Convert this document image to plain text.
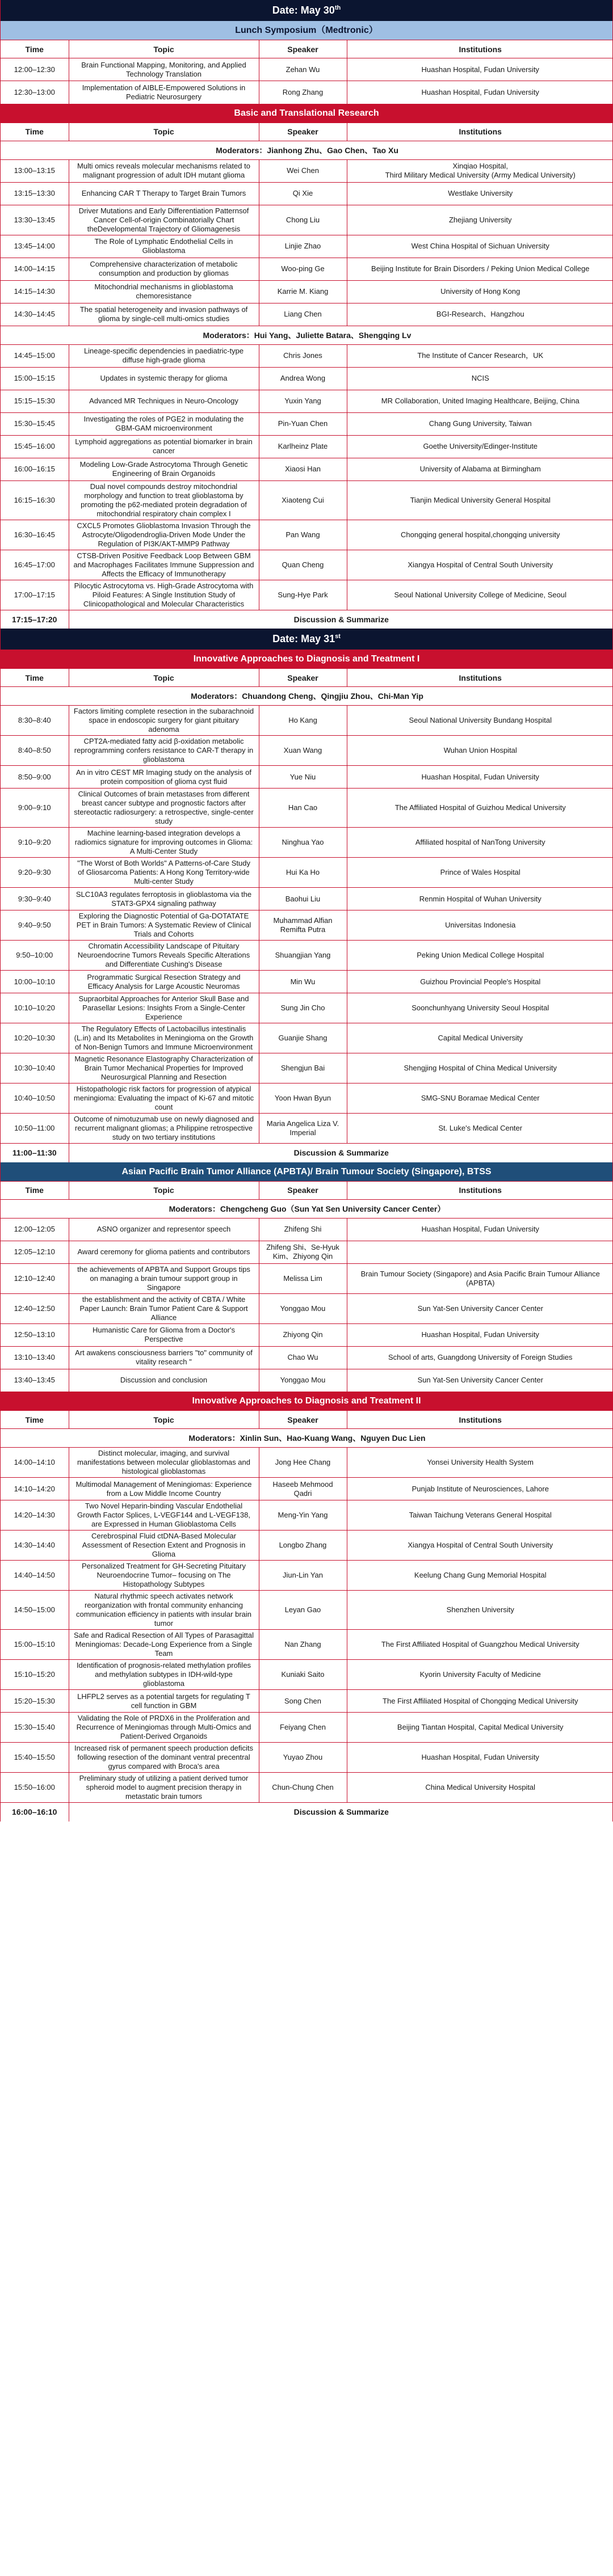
Date: May 30th
Lunch Symposium（Medtronic）
Time	Topic	Speaker	Institutions
12:00–12:30	Brain Functional Mapping, Monitoring, and Applied Technology Translation	Zehan Wu	Huashan Hospital, Fudan University
12:30–13:00	Implementation of AIBLE-Empowered Solutions in Pediatric Neurosurgery	Rong Zhang	Huashan Hospital, Fudan University
Basic and Translational Research
Time	Topic	Speaker	Institutions
Moderators：Jianhong Zhu、Gao Chen、Tao Xu			
13:00–13:15	Multi omics reveals molecular mechanisms related to malignant progression of adult IDH mutant glioma	Wei Chen	Xinqiao Hospital,
Third Military Medical University (Army Medical University)
13:15–13:30	Enhancing CAR T Therapy to Target Brain Tumors	Qi Xie	Westlake University
13:30–13:45	Driver Mutations and Early Differentiation Patternsof Cancer Cell-of-origin Combinatorially Chart theDevelopmental Trajectory of Gliomagenesis	Chong Liu	Zhejiang University
13:45–14:00	The Role of Lymphatic Endothelial Cells in Glioblastoma	Linjie Zhao	West China Hospital of Sichuan University
14:00–14:15	Comprehensive characterization of metabolic consumption and production by gliomas	Woo-ping Ge	Beijing Institute for Brain Disorders / Peking Union Medical College
14:15–14:30	Mitochondrial mechanisms in glioblastoma chemoresistance	Karrie M. Kiang	University of Hong Kong
14:30–14:45	The spatial heterogeneity and invasion pathways of glioma by single-cell multi-omics studies	Liang Chen	BGI-Research、Hangzhou
Moderators：Hui Yang、Juliette Batara、Shengqing Lv			
14:45–15:00	Lineage-specific dependencies in paediatric-type diffuse high-grade glioma	Chris Jones	The Institute of Cancer Research，UK
15:00–15:15	Updates in systemic therapy for glioma	Andrea Wong	NCIS
15:15–15:30	Advanced MR Techniques in Neuro-Oncology	Yuxin Yang	MR Collaboration, United Imaging Healthcare, Beijing, China
15:30–15:45	Investigating the roles of PGE2 in modulating the GBM-GAM microenvironment	Pin-Yuan Chen	Chang Gung University, Taiwan
15:45–16:00	Lymphoid aggregations as potential biomarker in brain cancer	Karlheinz Plate	Goethe University/Edinger-Institute
16:00–16:15	Modeling Low-Grade Astrocytoma Through Genetic Engineering of Brain Organoids	Xiaosi Han	University of Alabama at Birmingham
16:15–16:30	Dual novel compounds destroy mitochondrial morphology and function to treat glioblastoma by promoting the p62-mediated protein degradation of mitochondrial respiratory chain complex I	Xiaoteng Cui	Tianjin Medical University General Hospital
16:30–16:45	CXCL5 Promotes Glioblastoma Invasion Through the Astrocyte/Oligodendroglia-Driven Mode Under the Regulation of PI3K/AKT-MMP9 Pathway	Pan Wang	Chongqing general hospital,chongqing university
16:45–17:00	CTSB-Driven Positive Feedback Loop Between GBM and Macrophages Facilitates Immune Suppression and Affects the Efficacy of Immunotherapy	Quan Cheng	Xiangya Hospital of Central South University
17:00–17:15	Pilocytic Astrocytoma vs. High-Grade Astrocytoma with Piloid Features: A Single Institution Study of Clinicopathological and Molecular Characteristics	Sung-Hye Park	Seoul National University College of Medicine, Seoul
17:15–17:20	Discussion & Summarize		
Date: May 31st
Innovative Approaches to Diagnosis and Treatment I
Time	Topic	Speaker	Institutions
Moderators：Chuandong Cheng、Qingjiu Zhou、Chi-Man Yip			
8:30–8:40	Factors limiting complete resection in the subarachnoid space in endoscopic surgery for giant pituitary adenoma	Ho Kang	Seoul National University Bundang Hospital
8:40–8:50	CPT2A-mediated fatty acid β-oxidation metabolic reprogramming confers resistance to CAR-T therapy in glioblastoma	Xuan Wang	Wuhan Union Hospital
8:50–9:00	An in vitro CEST MR Imaging study on the analysis of protein composition of glioma cyst fluid	Yue Niu	Huashan Hospital, Fudan University
9:00–9:10	Clinical Outcomes of brain metastases from different breast cancer subtype and prognostic factors after stereotactic radiosurgery: a retrospective, single-center study	Han Cao	The Affiliated Hospital of Guizhou Medical University
9:10–9:20	Machine learning-based integration develops a radiomics signature for improving outcomes in Glioma: A Multi-Center Study	Ninghua Yao	Affiliated hospital of NanTong University
9:20–9:30	"The Worst of Both Worlds" A Patterns-of-Care Study of Gliosarcoma Patients: A Hong Kong Territory-wide Multi-center Study	Hui Ka Ho	Prince of Wales Hospital
9:30–9:40	SLC10A3 regulates ferroptosis in glioblastoma via the STAT3-GPX4 signaling pathway	Baohui Liu	Renmin Hospital of Wuhan University
9:40–9:50	Exploring the Diagnostic Potential of Ga-DOTATATE PET in Brain Tumors: A Systematic Review of Clinical Trials and Cohorts	Muhammad Alfian Remifta Putra	Universitas Indonesia
9:50–10:00	Chromatin Accessibility Landscape of Pituitary Neuroendocrine Tumors Reveals Specific Alterations and Differentiate Cushing's Disease	Shuangjian Yang	Peking Union Medical College Hospital
10:00–10:10	Programmatic Surgical Resection Strategy and Efficacy Analysis for Large Acoustic Neuromas	Min Wu	Guizhou Provincial People's Hospital
10:10–10:20	Supraorbital Approaches for Anterior Skull Base and Parasellar Lesions: Insights From a Single-Center Experience	Sung Jin Cho	Soonchunhyang University Seoul Hospital
10:20–10:30	The Regulatory Effects of Lactobacillus intestinalis (L.in) and Its Metabolites in Meningioma on the Growth of Non-Benign Tumors and Immune Microenvironment	Guanjie Shang	Capital Medical University
10:30–10:40	Magnetic Resonance Elastography Characterization of Brain Tumor Mechanical Properties for Improved Neurosurgical Planning and Resection	Shengjun Bai	Shengjing Hospital of China Medical University
10:40–10:50	Histopathologic risk factors for progression of atypical meningioma: Evaluating the impact of Ki-67 and mitotic count	Yoon Hwan Byun	SMG-SNU Boramae Medical Center
10:50–11:00	Outcome of nimotuzumab use on newly diagnosed and recurrent malignant gliomas; a Philippine retrospective study on two tertiary institutions	Maria Angelica Liza V. Imperial	St. Luke's Medical Center
11:00–11:30	Discussion & Summarize		
Asian Pacific Brain Tumor Alliance (APBTA)/ Brain Tumour Society (Singapore), BTSS
Time	Topic	Speaker	Institutions
Moderators：Chengcheng Guo（Sun Yat Sen University Cancer Center）			
12:00–12:05	ASNO organizer and representor speech	Zhifeng Shi	Huashan Hospital, Fudan University
12:05–12:10	Award ceremony for glioma patients and contributors	Zhifeng Shi、Se-Hyuk Kim、Zhiyong Qin	
12:10–12:40	the achievements of APBTA and Support Groups tips on managing a brain tumour support group in Singapore	Melissa Lim	Brain Tumour Society (Singapore) and Asia Pacific Brain Tumour Alliance (APBTA)
12:40–12:50	the establishment and the activity of CBTA / White Paper Launch: Brain Tumor Patient Care & Support Alliance	Yonggao Mou	Sun Yat-Sen University Cancer Center
12:50–13:10	Humanistic Care for Glioma from a Doctor's Perspective	Zhiyong Qin	Huashan Hospital, Fudan University
13:10–13:40	Art awakens consciousness barriers "to" community of vitality research "	Chao Wu	School of arts, Guangdong University of Foreign Studies
13:40–13:45	Discussion and conclusion	Yonggao Mou	Sun Yat-Sen University Cancer Center
Innovative Approaches to Diagnosis and Treatment II
Time	Topic	Speaker	Institutions
Moderators：Xinlin Sun、Hao-Kuang Wang、Nguyen Duc Lien			
14:00–14:10	Distinct molecular, imaging, and survival manifestations between molecular glioblastomas and histological glioblastomas	Jong Hee Chang	Yonsei University Health System
14:10–14:20	Multimodal Management of Meningiomas: Experience from a Low Middle Income Country	Haseeb Mehmood Qadri	Punjab Institute of Neurosciences, Lahore
14:20–14:30	Two Novel Heparin-binding Vascular Endothelial Growth Factor Splices, L-VEGF144 and L-VEGF138, are Expressed in Human Glioblastoma Cells	Meng-Yin Yang	Taiwan Taichung Veterans General Hospital
14:30–14:40	Cerebrospinal Fluid ctDNA-Based Molecular Assessment of Resection Extent and Prognosis in Glioma	Longbo Zhang	Xiangya Hospital of Central South University
14:40–14:50	Personalized Treatment for GH-Secreting Pituitary Neuroendocrine Tumor– focusing on The Histopathology Subtypes	Jiun-Lin Yan	Keelung Chang Gung Memorial Hospital
14:50–15:00	Natural rhythmic speech activates network reorganization with frontal community enhancing communication efficiency in patients with insular brain tumor	Leyan Gao	Shenzhen University
15:00–15:10	Safe and Radical Resection of All Types of Parasagittal Meningiomas: Decade-Long Experience from a Single Team	Nan Zhang	The First Affiliated Hospital of Guangzhou Medical University
15:10–15:20	Identification of prognosis-related methylation profiles and methylation subtypes in IDH-wild-type glioblastoma	Kuniaki Saito	Kyorin University Faculty of Medicine
15:20–15:30	LHFPL2 serves as a potential targets for regulating T cell function in GBM	Song Chen	The First Affiliated Hospital of Chongqing Medical University
15:30–15:40	Validating the Role of PRDX6 in the Proliferation and Recurrence of Meningiomas through Multi-Omics and Patient-Derived Organoids	Feiyang Chen	Beijing Tiantan Hospital, Capital Medical University
15:40–15:50	Increased risk of permanent speech production deficits following resection of the dominant ventral precentral gyrus compared with Broca's area	Yuyao Zhou	Huashan Hospital, Fudan University
15:50–16:00	Preliminary study of utilizing a patient derived tumor spheroid model to augment precision therapy in metastatic brain tumors	Chun-Chung Chen	China Medical University Hospital
16:00–16:10	Discussion & Summarize		
